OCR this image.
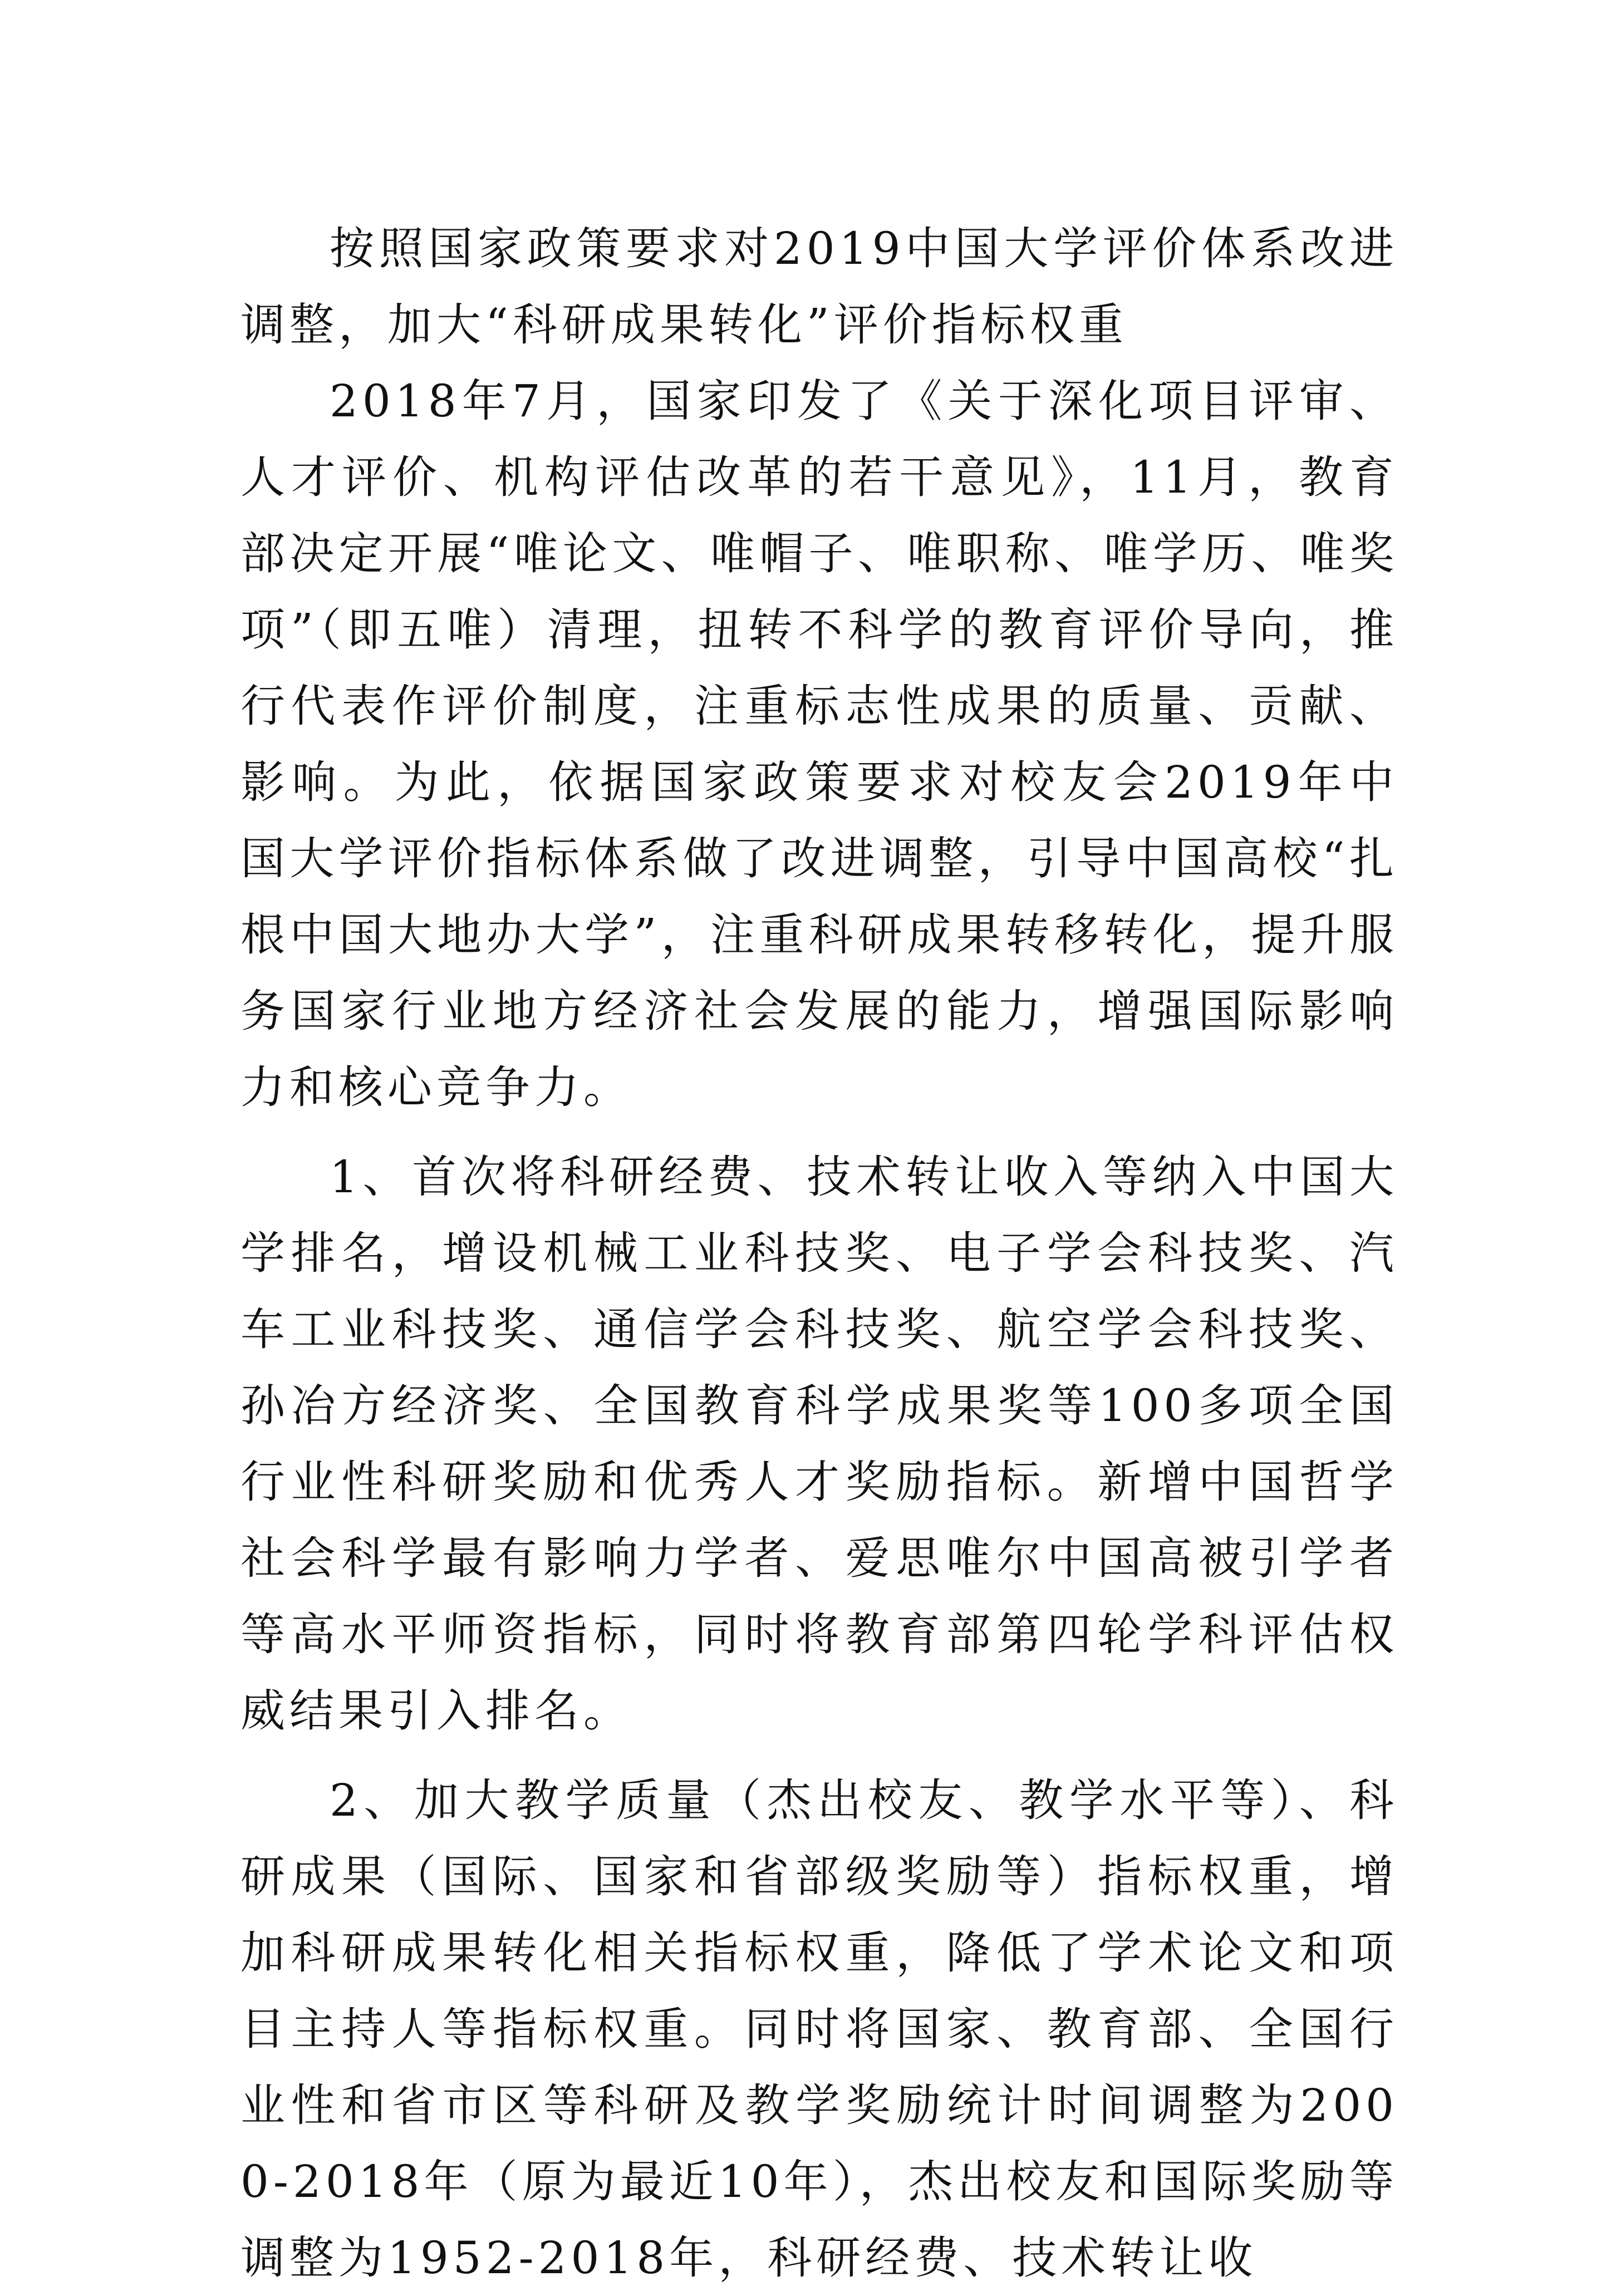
按照国家政策要求对2019中国大学评价体系改进调整，加大“科研成果转化”评价指标权重

2018年7月，国家印发了《关于深化项目评审、人才评价、机构评估改革的若干意见》，11月，教育部决定开展“唯论文、唯帽子、唯职称、唯学历、唯奖项”（即五唯）清理，扭转不科学的教育评价导向，推行代表作评价制度，注重标志性成果的质量、贡献、影响。为此，依据国家政策要求对校友会2019年中国大学评价指标体系做了改进调整，引导中国高校“扎根中国大地办大学”，注重科研成果转移转化，提升服务国家行业地方经济社会发展的能力，增强国际影响力和核心竞争力。

1、首次将科研经费、技术转让收入等纳入中国大学排名，增设机械工业科技奖、电子学会科技奖、汽车工业科技奖、通信学会科技奖、航空学会科技奖、孙冶方经济奖、全国教育科学成果奖等100多项全国行业性科研奖励和优秀人才奖励指标。新增中国哲学社会科学最有影响力学者、爱思唯尔中国高被引学者等高水平师资指标，同时将教育部第四轮学科评估权威结果引入排名。

2、加大教学质量（杰出校友、教学水平等）、科研成果（国际、国家和省部级奖励等）指标权重，增加科研成果转化相关指标权重，降低了学术论文和项目主持人等指标权重。同时将国家、教育部、全国行业性和省市区等科研及教学奖励统计时间调整为2000-2018年（原为最近10年），杰出校友和国际奖励等调整为1952-2018年，科研经费、技术转让收
